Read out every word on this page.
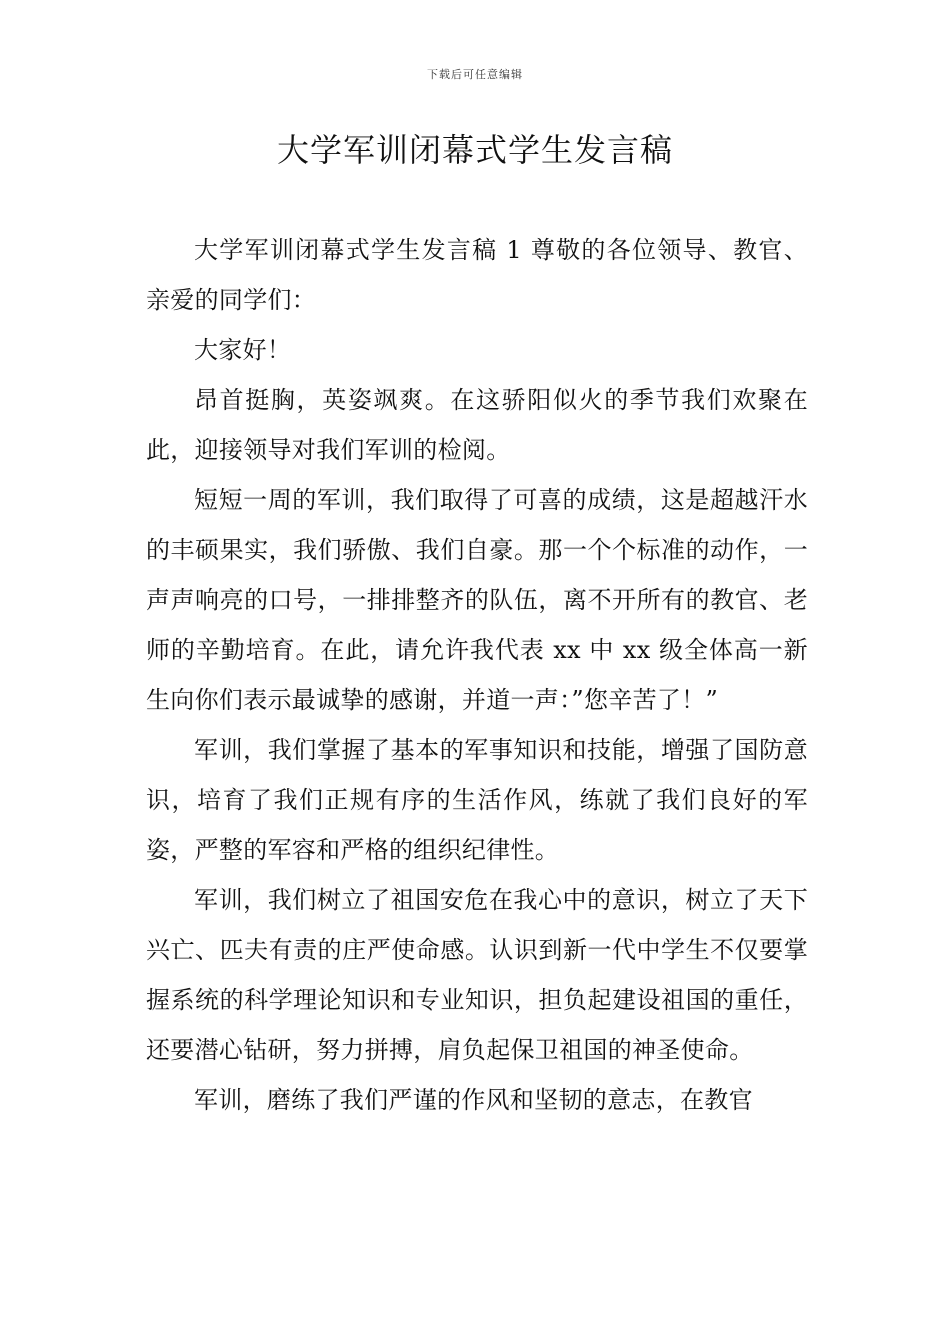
下载后可任意编辑
大学军训闭幕式学生发言稿

大学军训闭幕式学生发言稿 1 尊敬的各位领导、教官、亲爱的同学们：

大家好！

昂首挺胸，英姿飒爽。在这骄阳似火的季节我们欢聚在此，迎接领导对我们军训的检阅。

短短一周的军训，我们取得了可喜的成绩，这是超越汗水的丰硕果实，我们骄傲、我们自豪。那一个个标准的动作，一声声响亮的口号，一排排整齐的队伍，离不开所有的教官、老师的辛勤培育。在此，请允许我代表 xx 中 xx 级全体高一新生向你们表示最诚挚的感谢，并道一声：”您辛苦了！”

军训，我们掌握了基本的军事知识和技能，增强了国防意识，培育了我们正规有序的生活作风，练就了我们良好的军姿，严整的军容和严格的组织纪律性。

军训，我们树立了祖国安危在我心中的意识，树立了天下兴亡、匹夫有责的庄严使命感。认识到新一代中学生不仅要掌握系统的科学理论知识和专业知识，担负起建设祖国的重任，还要潜心钻研，努力拼搏，肩负起保卫祖国的神圣使命。

军训，磨练了我们严谨的作风和坚韧的意志，在教官
